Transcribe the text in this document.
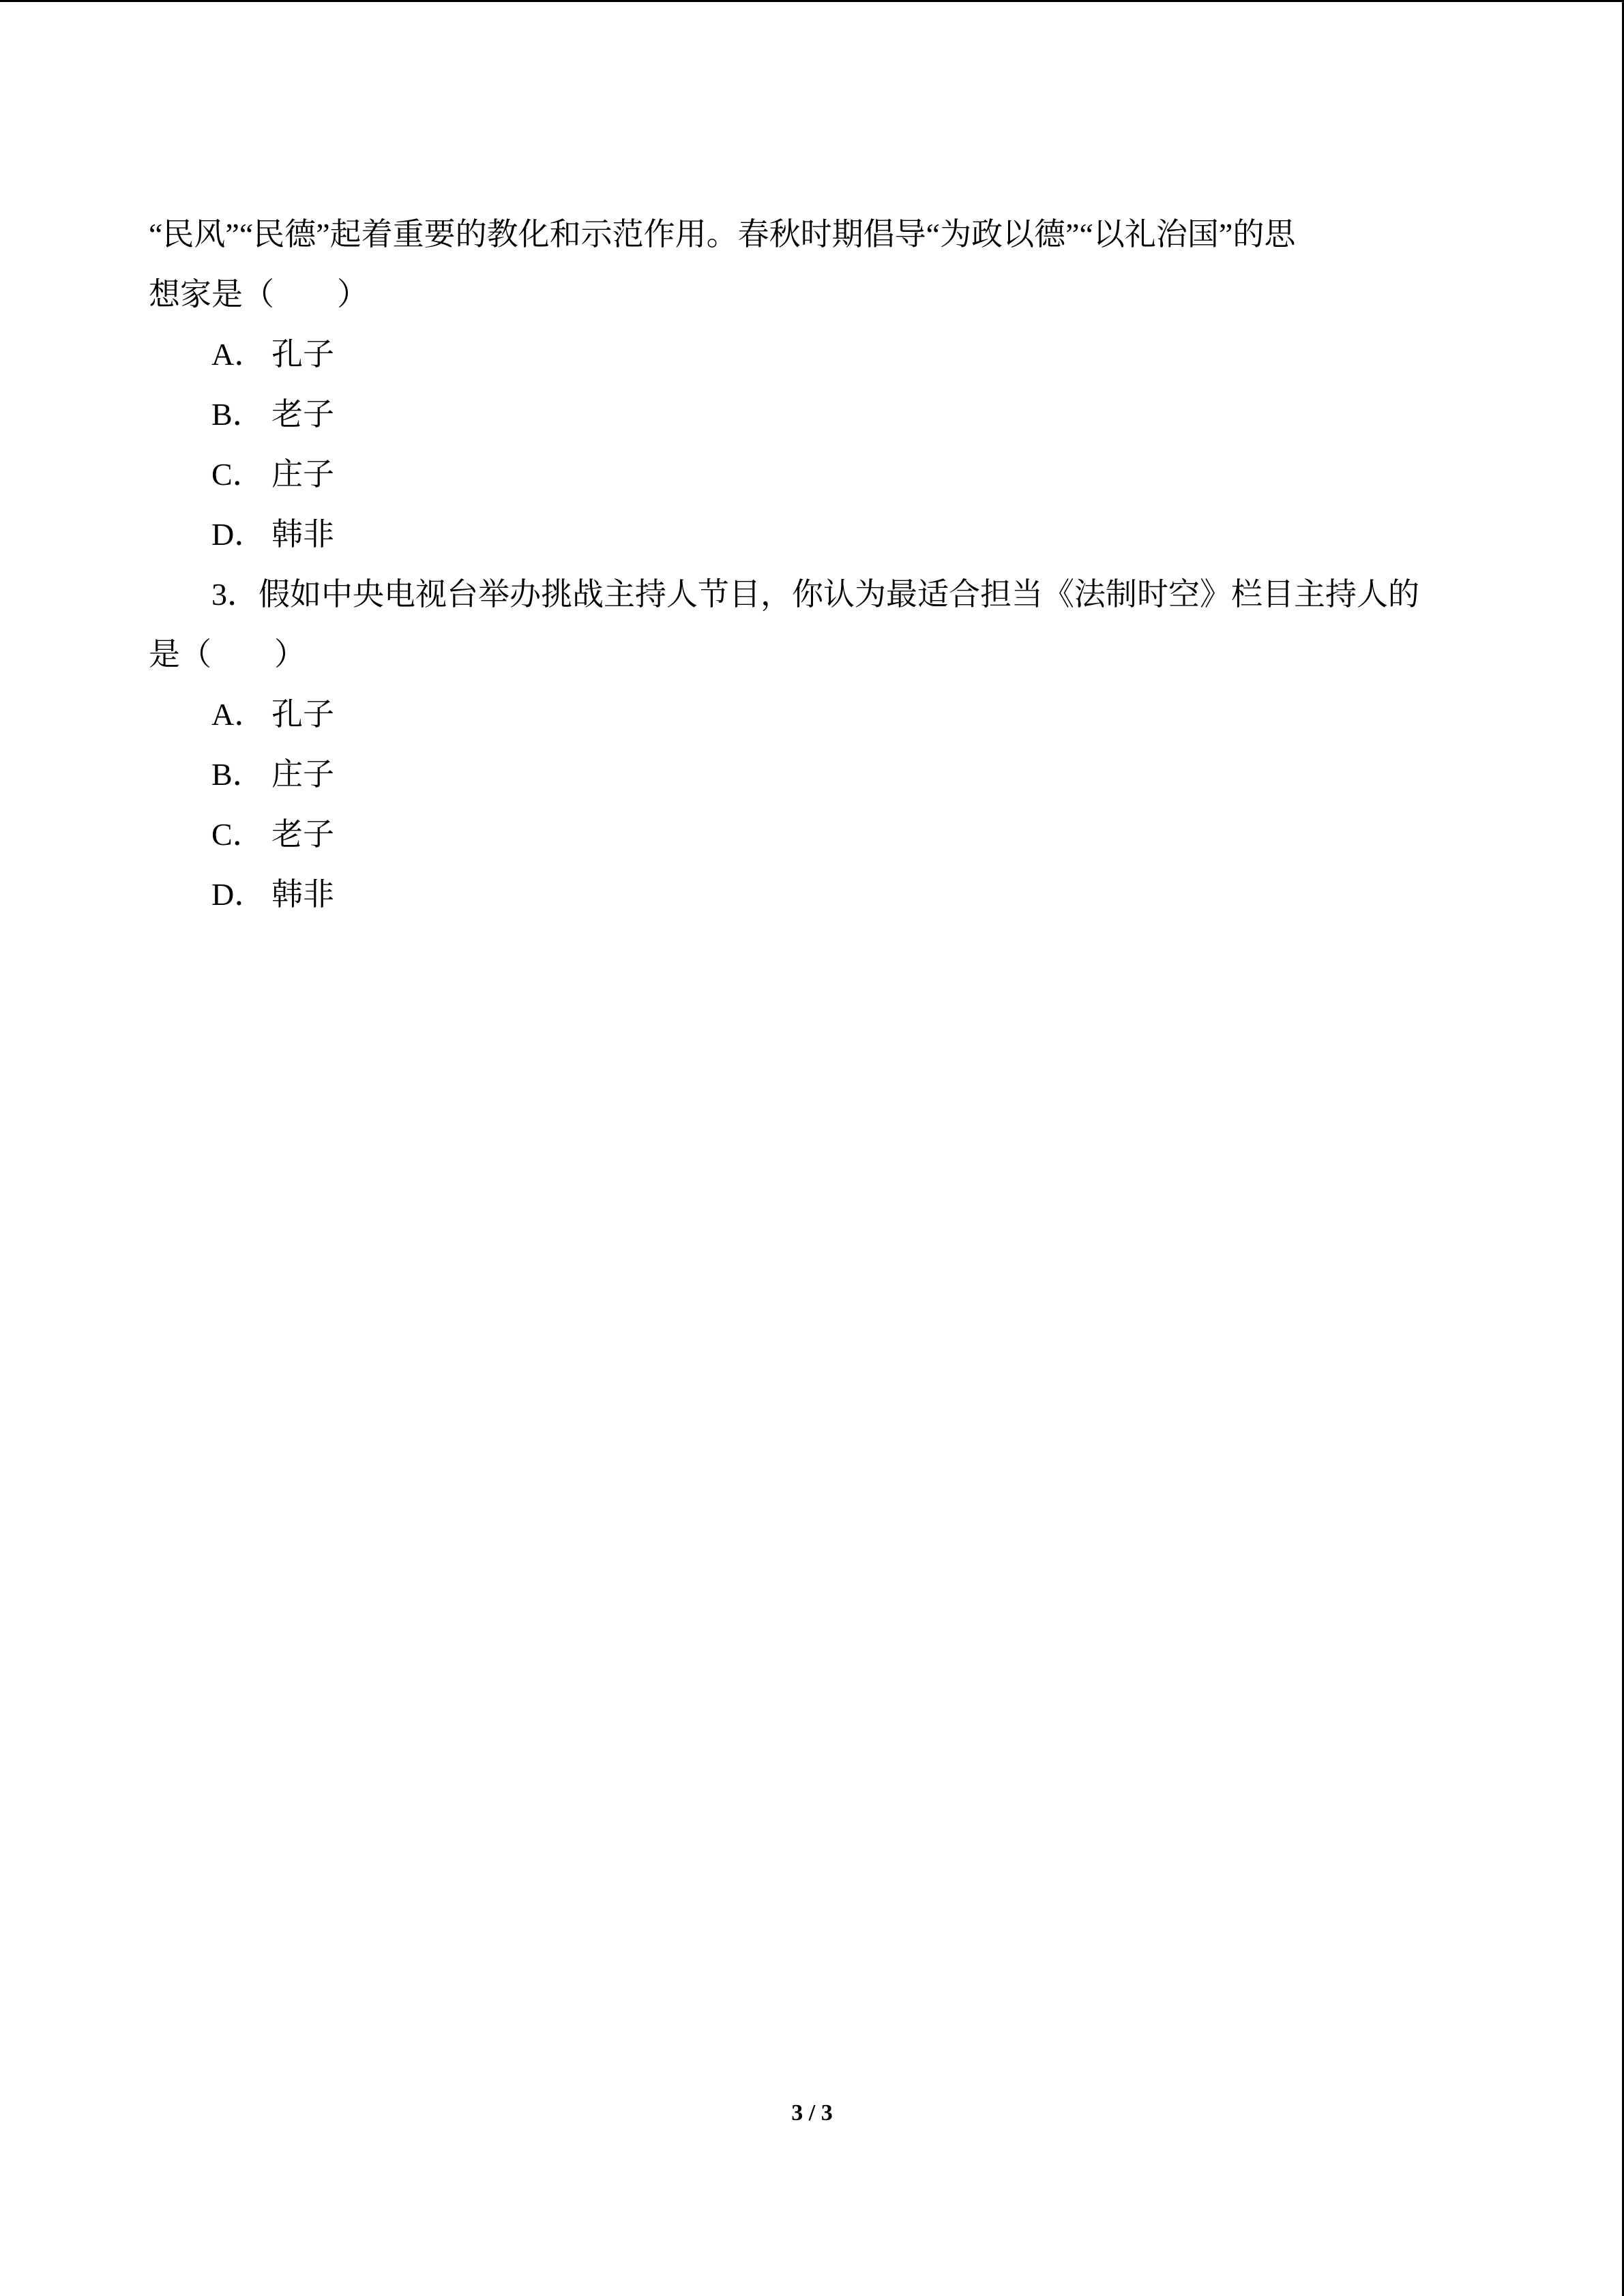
“民风”“民德”起着重要的教化和示范作用。春秋时期倡导“为政以德”“以礼治国”的思
想家是（　　）
A． 孔子
B． 老子
C． 庄子
D． 韩非
3．假如中央电视台举办挑战主持人节目，你认为最适合担当《法制时空》栏目主持人的
是（　　）
A． 孔子
B． 庄子
C． 老子
D． 韩非
3 / 3
